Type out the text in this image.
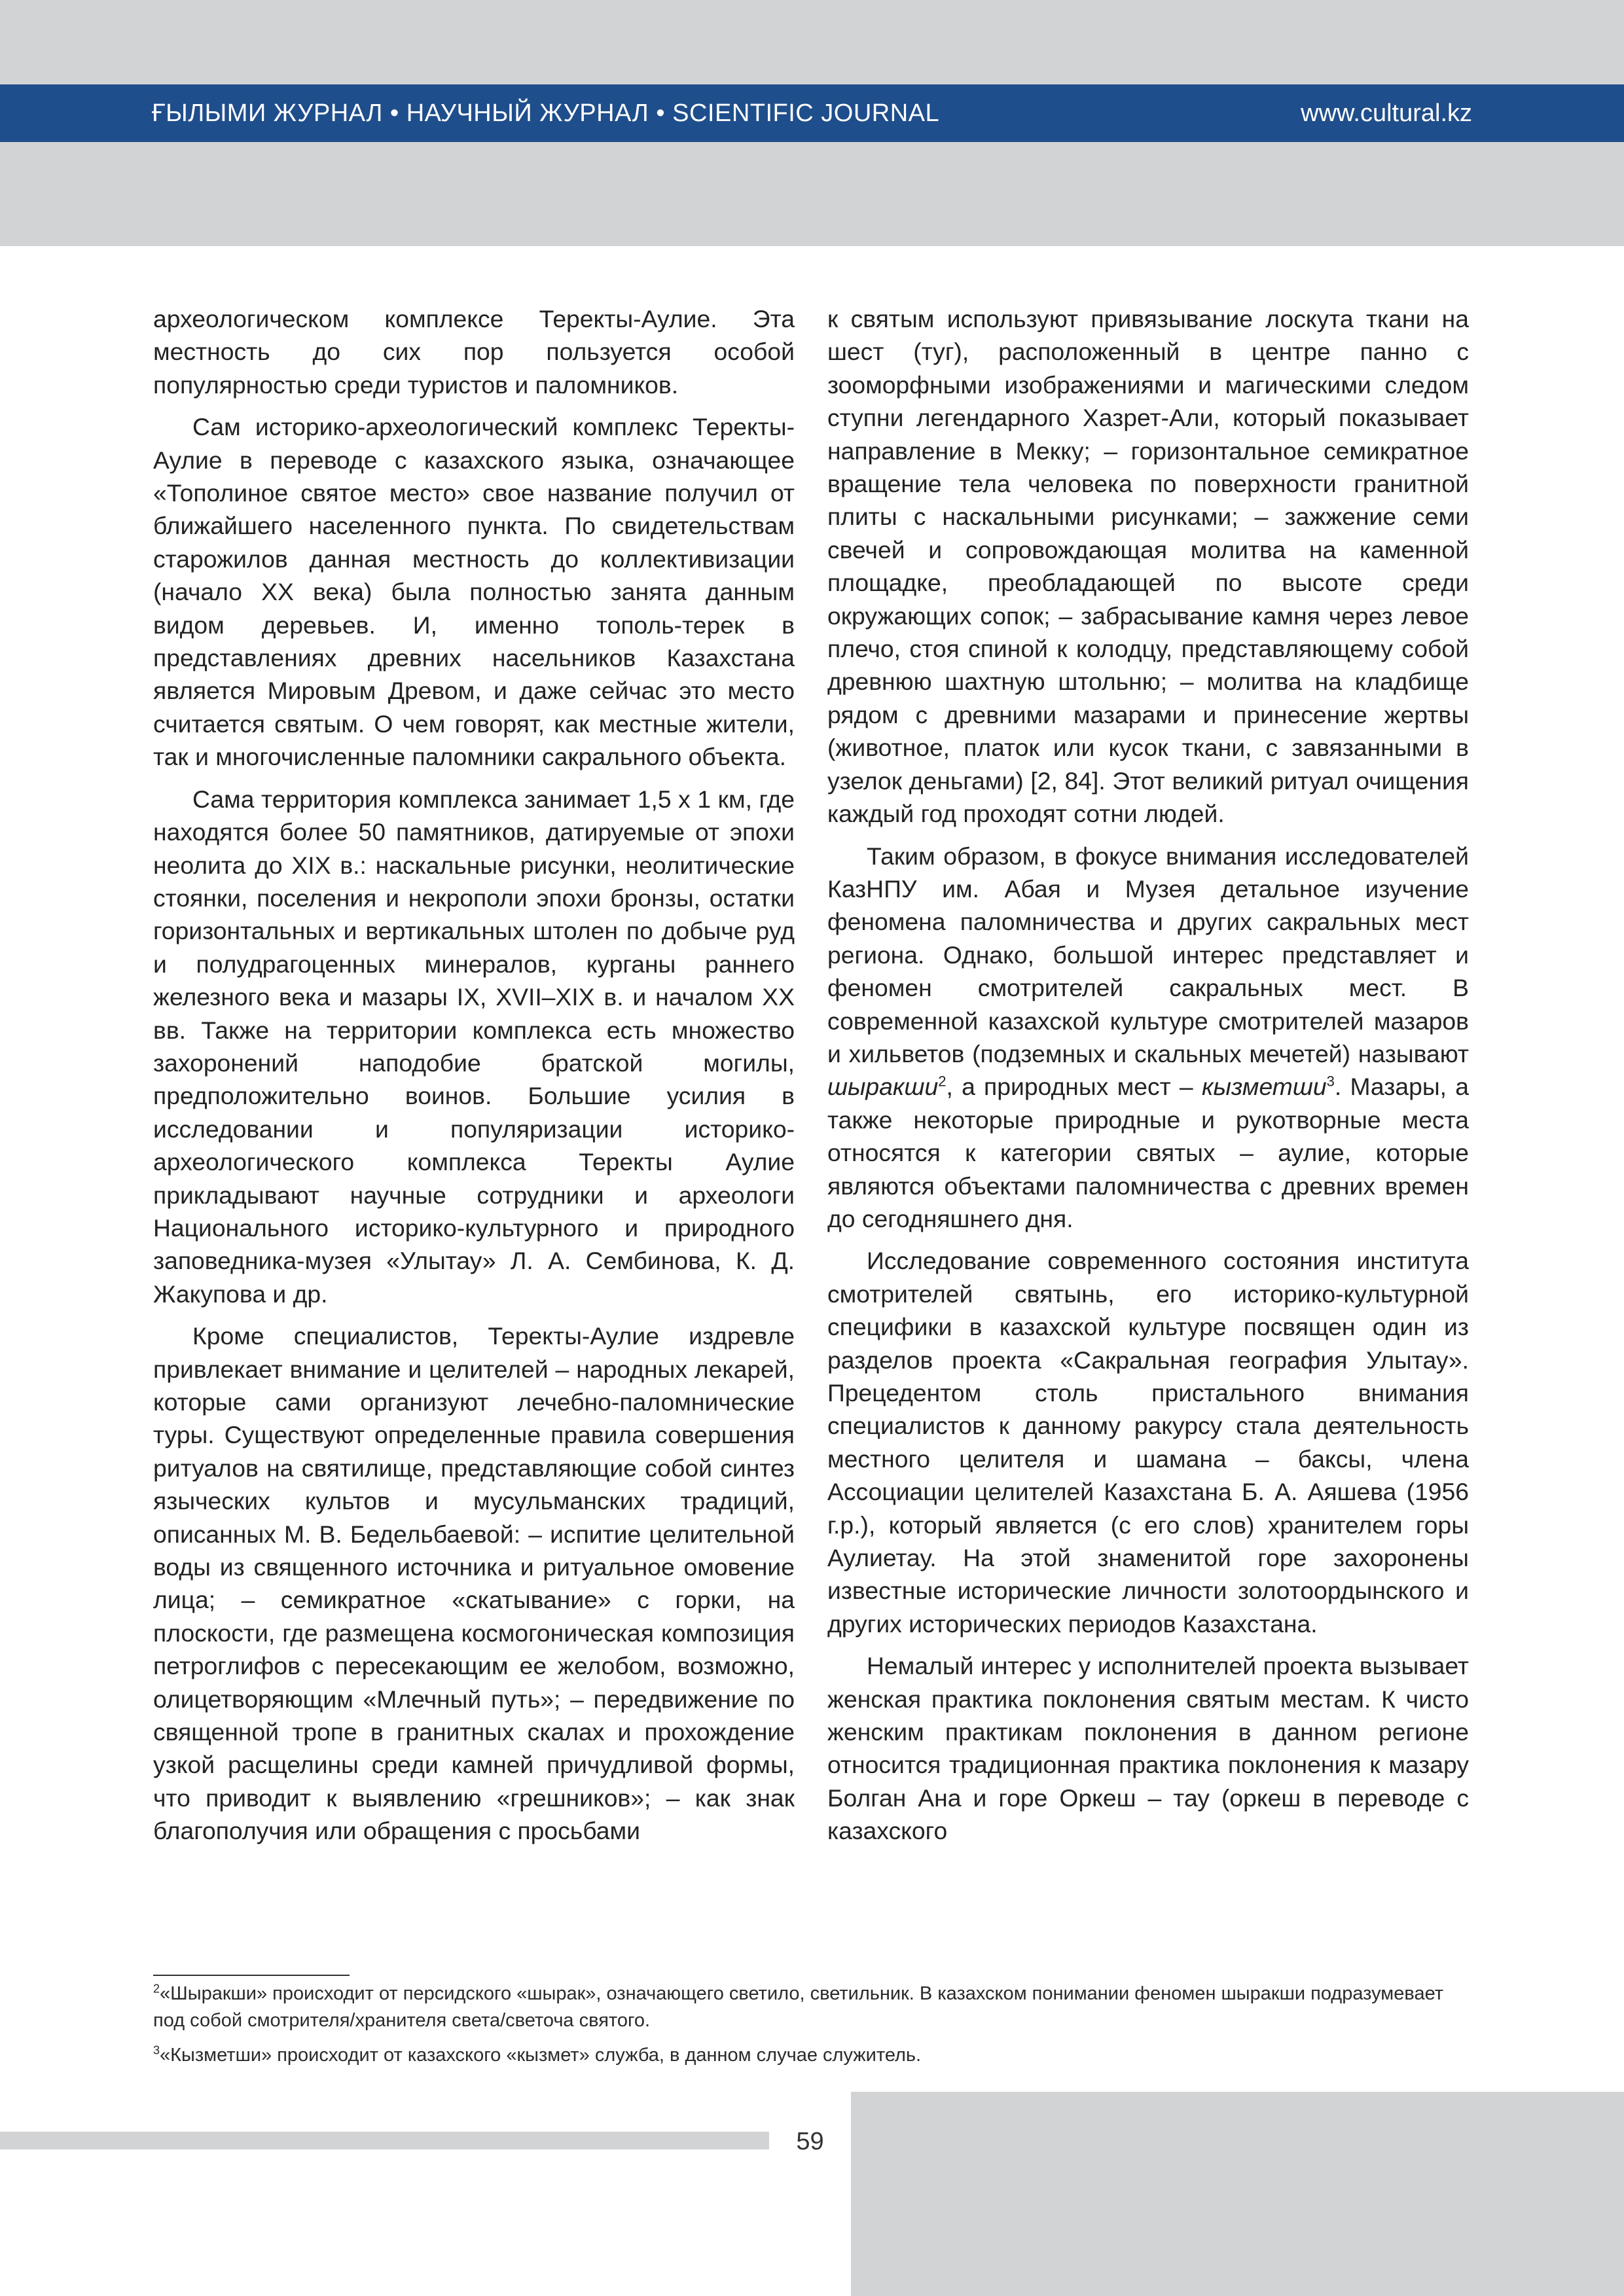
ҒЫЛЫМИ ЖУРНАЛ • НАУЧНЫЙ ЖУРНАЛ • SCIENTIFIC JOURNAL	www.cultural.kz

археологическом комплексе Теректы-Аулие. Эта местность до сих пор пользуется особой популярностью среди туристов и паломников.

Сам историко-археологический комплекс Теректы-Аулие в переводе с казахского языка, означающее «Тополиное святое место» свое название получил от ближайшего населенного пункта. По свидетельствам старожилов данная местность до коллективизации (начало XX века) была полностью занята данным видом деревьев. И, именно тополь-терек в представлениях древних насельников Казахстана является Мировым Древом, и даже сейчас это место считается святым. О чем говорят, как местные жители, так и многочисленные паломники сакрального объекта.

Сама территория комплекса занимает 1,5 x 1 км, где находятся более 50 памятников, датируемые от эпохи неолита до XIX в.: наскальные рисунки, неолитические стоянки, поселения и некрополи эпохи бронзы, остатки горизонтальных и вертикальных штолен по добыче руд и полудрагоценных минералов, курганы раннего железного века и мазары IX, XVII–XIX в. и началом XX вв. Также на территории комплекса есть множество захоронений наподобие братской могилы, предположительно воинов. Большие усилия в исследовании и популяризации историко-археологического комплекса Теректы Аулие прикладывают научные сотрудники и археологи Национального историко-культурного и природного заповедника-музея «Улытау» Л. А. Сембинова, К. Д. Жакупова и др.

Кроме специалистов, Теректы-Аулие издревле привлекает внимание и целителей – народных лекарей, которые сами организуют лечебно-паломнические туры. Существуют определенные правила совершения ритуалов на святилище, представляющие собой синтез языческих культов и мусульманских традиций, описанных М. В. Бедельбаевой: – испитие целительной воды из священного источника и ритуальное омовение лица; – семикратное «скатывание» с горки, на плоскости, где размещена космогоническая композиция петроглифов с пересекающим ее желобом, возможно, олицетворяющим «Млечный путь»; – передвижение по священной тропе в гранитных скалах и прохождение узкой расщелины среди камней причудливой формы, что приводит к выявлению «грешников»; – как знак благополучия или обращения с просьбами

к святым используют привязывание лоскута ткани на шест (туг), расположенный в центре панно с зооморфными изображениями и магическими следом ступни легендарного Хазрет-Али, который показывает направление в Мекку; – горизонтальное семикратное вращение тела человека по поверхности гранитной плиты с наскальными рисунками; – зажжение семи свечей и сопровождающая молитва на каменной площадке, преобладающей по высоте среди окружающих сопок; – забрасывание камня через левое плечо, стоя спиной к колодцу, представляющему собой древнюю шахтную штольню; – молитва на кладбище рядом с древними мазарами и принесение жертвы (животное, платок или кусок ткани, с завязанными в узелок деньгами) [2, 84]. Этот великий ритуал очищения каждый год проходят сотни людей.

Таким образом, в фокусе внимания исследователей КазНПУ им. Абая и Музея детальное изучение феномена паломничества и других сакральных мест региона. Однако, большой интерес представляет и феномен смотрителей сакральных мест. В современной казахской культуре смотрителей мазаров и хильветов (подземных и скальных мечетей) называют шыракши$^2$, а природных мест – кызметши$^3$. Мазары, а также некоторые природные и рукотворные места относятся к категории святых – аулие, которые являются объектами паломничества с древних времен до сегодняшнего дня.

Исследование современного состояния института смотрителей святынь, его историко-культурной специфики в казахской культуре посвящен один из разделов проекта «Сакральная география Улытау». Прецедентом столь пристального внимания специалистов к данному ракурсу стала деятельность местного целителя и шамана – баксы, члена Ассоциации целителей Казахстана Б. А. Аяшева (1956 г.р.), который является (с его слов) хранителем горы Аулиетау. На этой знаменитой горе захоронены известные исторические личности золотоордынского и других исторических периодов Казахстана.

Немалый интерес у исполнителей проекта вызывает женская практика поклонения святым местам. К чисто женским практикам поклонения в данном регионе относится традиционная практика поклонения к мазару Болган Ана и горе Оркеш – тау (оркеш в переводе с казахского

$^2$«Шыракши» происходит от персидского «шырак», означающего светило, светильник. В казахском понимании феномен шыракши подразумевает под собой смотрителя/хранителя света/светоча святого.

$^3$«Кызметши» происходит от казахского «кызмет» служба, в данном случае служитель.

59
